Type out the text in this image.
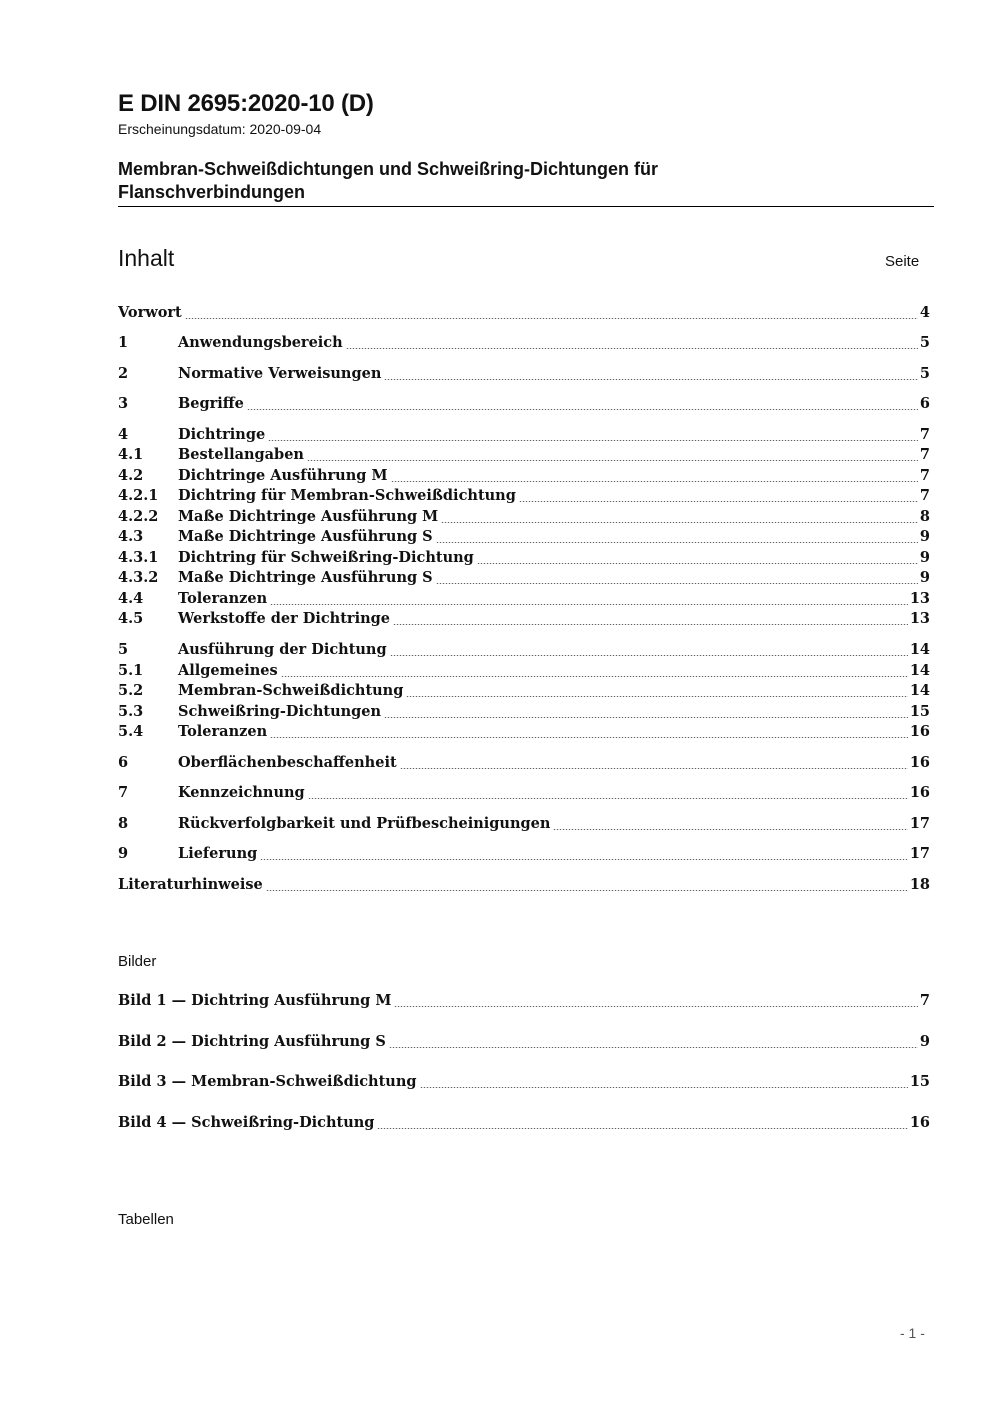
E DIN 2695:2020-10 (D)
Erscheinungsdatum: 2020-09-04
Membran-Schweißdichtungen und Schweißring-Dichtungen für
Flanschverbindungen
Inhalt	Seite
Vorwort	4
1	Anwendungsbereich	5
2	Normative Verweisungen	5
3	Begriffe	6
4	Dichtringe	7
4.1	Bestellangaben	7
4.2	Dichtringe Ausführung M	7
4.2.1	Dichtring für Membran-Schweißdichtung	7
4.2.2	Maße Dichtringe Ausführung M	8
4.3	Maße Dichtringe Ausführung S	9
4.3.1	Dichtring für Schweißring-Dichtung	9
4.3.2	Maße Dichtringe Ausführung S	9
4.4	Toleranzen	13
4.5	Werkstoffe der Dichtringe	13
5	Ausführung der Dichtung	14
5.1	Allgemeines	14
5.2	Membran-Schweißdichtung	14
5.3	Schweißring-Dichtungen	15
5.4	Toleranzen	16
6	Oberflächenbeschaffenheit	16
7	Kennzeichnung	16
8	Rückverfolgbarkeit und Prüfbescheinigungen	17
9	Lieferung	17
Literaturhinweise	18
Bilder
Bild 1 — Dichtring Ausführung M	7
Bild 2 — Dichtring Ausführung S	9
Bild 3 — Membran-Schweißdichtung	15
Bild 4 — Schweißring-Dichtung	16
Tabellen
- 1 -
